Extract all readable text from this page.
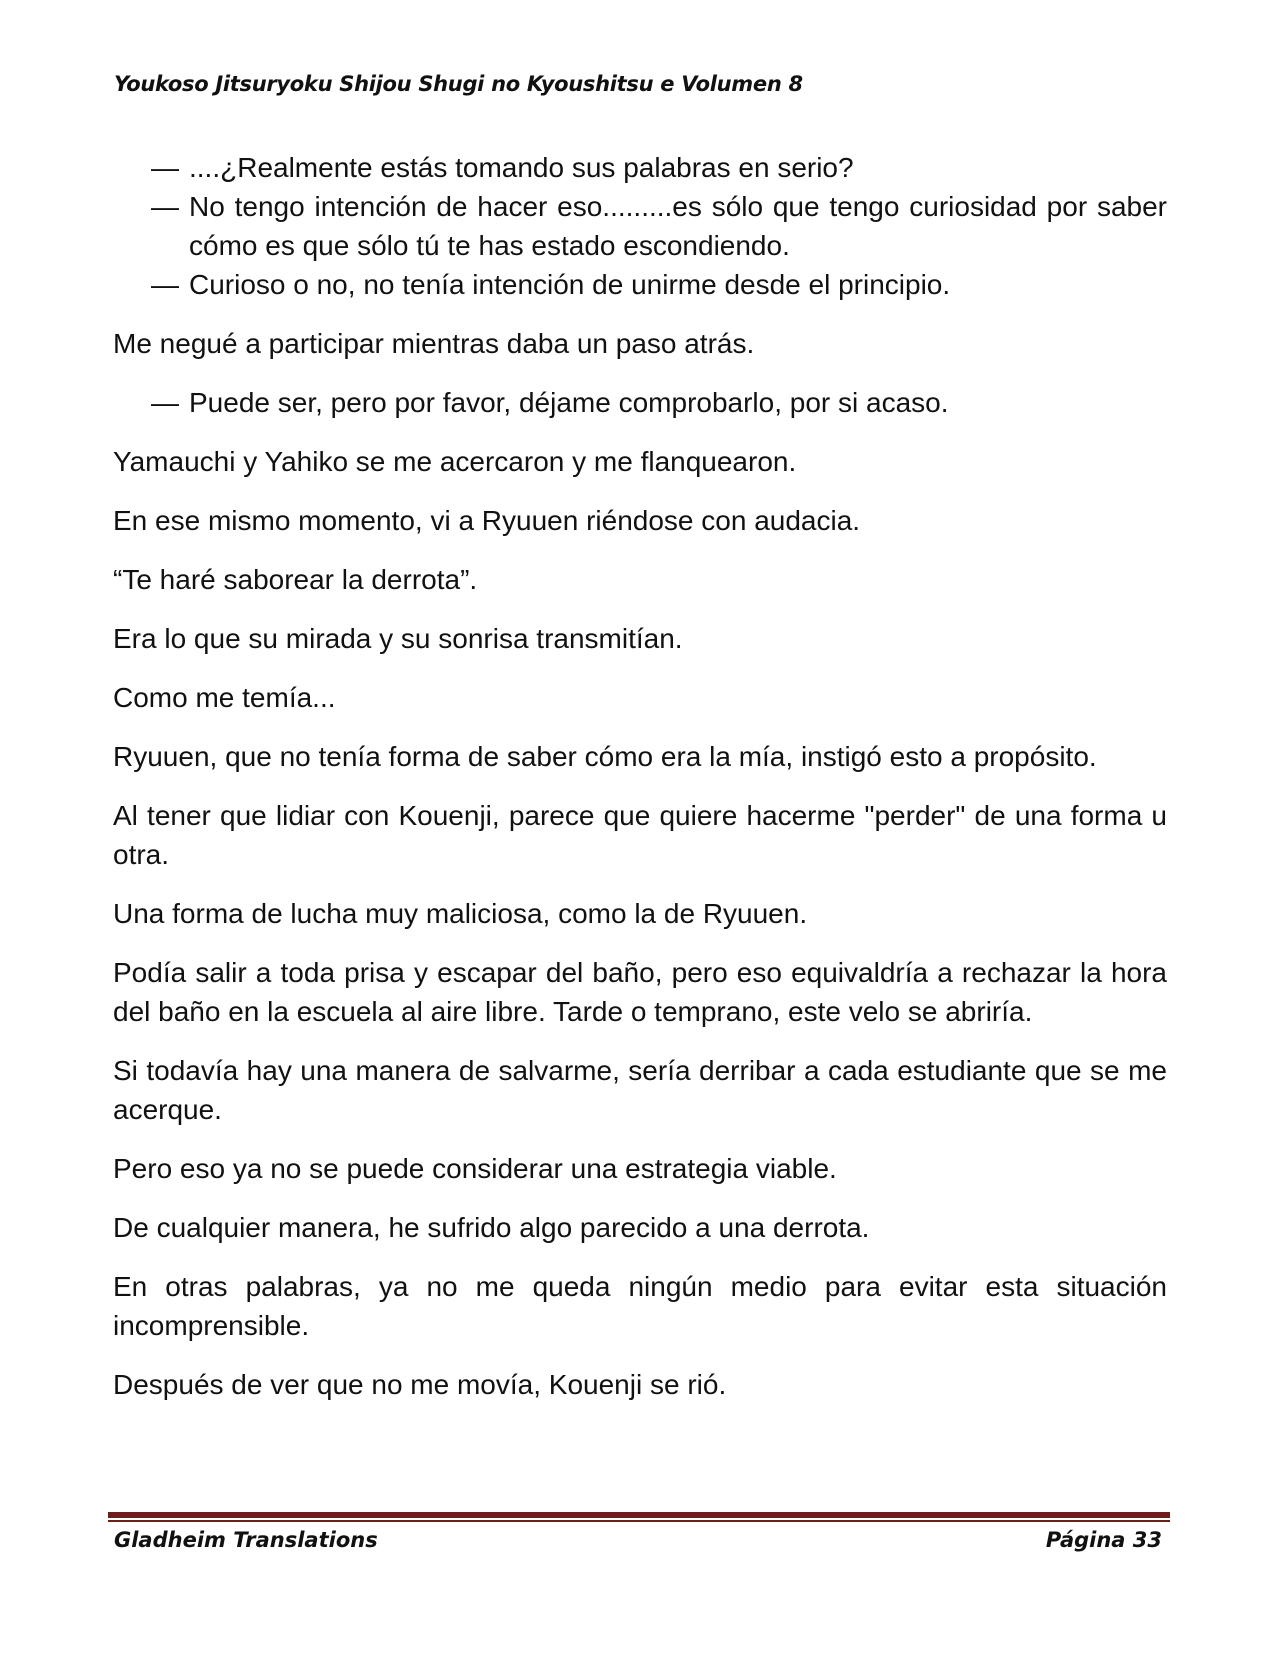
Youkoso Jitsuryoku Shijou Shugi no Kyoushitsu e Volumen 8
— ....¿Realmente estás tomando sus palabras en serio?
— No tengo intención de hacer eso.........es sólo que tengo curiosidad por saber cómo es que sólo tú te has estado escondiendo.
— Curioso o no, no tenía intención de unirme desde el principio.

Me negué a participar mientras daba un paso atrás.

— Puede ser, pero por favor, déjame comprobarlo, por si acaso.

Yamauchi y Yahiko se me acercaron y me flanquearon.

En ese mismo momento, vi a Ryuuen riéndose con audacia.

“Te haré saborear la derrota”.

Era lo que su mirada y su sonrisa transmitían.

Como me temía...

Ryuuen, que no tenía forma de saber cómo era la mía, instigó esto a propósito.

Al tener que lidiar con Kouenji, parece que quiere hacerme "perder" de una forma u otra.

Una forma de lucha muy maliciosa, como la de Ryuuen.

Podía salir a toda prisa y escapar del baño, pero eso equivaldría a rechazar la hora del baño en la escuela al aire libre. Tarde o temprano, este velo se abriría.

Si todavía hay una manera de salvarme, sería derribar a cada estudiante que se me acerque.

Pero eso ya no se puede considerar una estrategia viable.

De cualquier manera, he sufrido algo parecido a una derrota.

En otras palabras, ya no me queda ningún medio para evitar esta situación incomprensible.

Después de ver que no me movía, Kouenji se rió.

Gladheim Translations	Página 33
